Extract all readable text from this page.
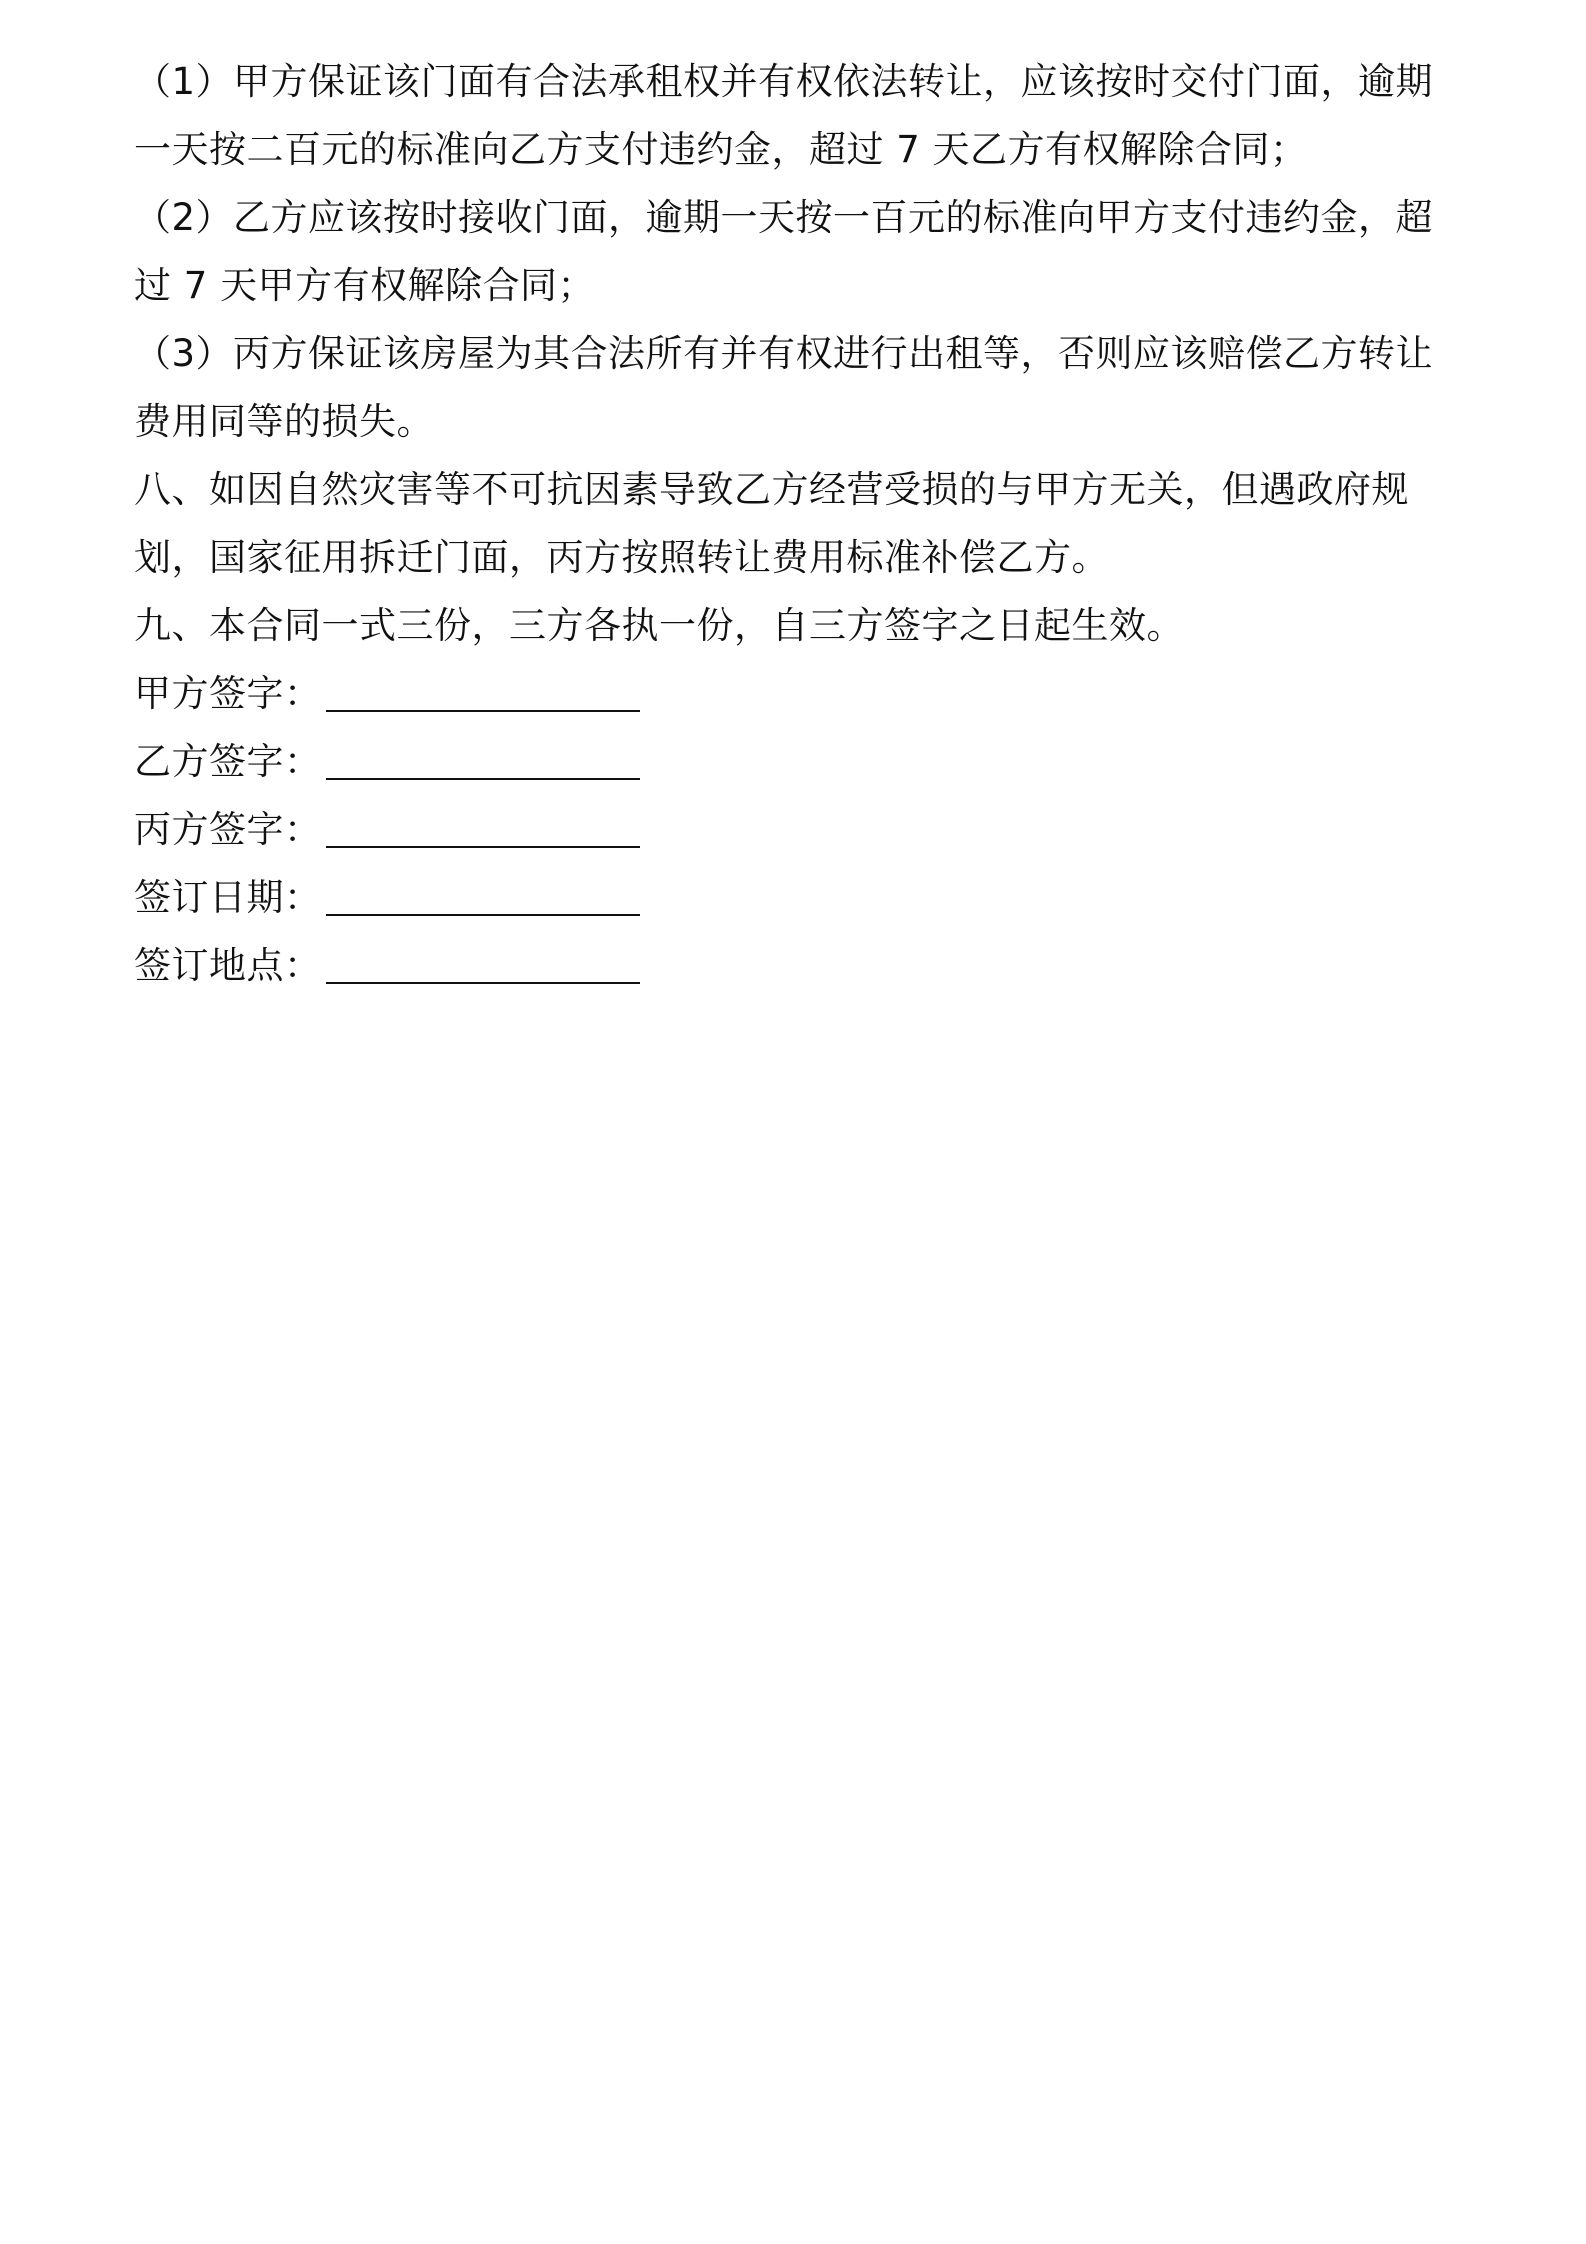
（1）甲方保证该门面有合法承租权并有权依法转让，应该按时交付门面，逾期一天按二百元的标准向乙方支付违约金，超过 7 天乙方有权解除合同；

（2）乙方应该按时接收门面，逾期一天按一百元的标准向甲方支付违约金，超过 7 天甲方有权解除合同；

（3）丙方保证该房屋为其合法所有并有权进行出租等，否则应该赔偿乙方转让费用同等的损失。

八、如因自然灾害等不可抗因素导致乙方经营受损的与甲方无关，但遇政府规划，国家征用拆迁门面，丙方按照转让费用标准补偿乙方。

九、本合同一式三份，三方各执一份，自三方签字之日起生效。

甲方签字：
乙方签字：
丙方签字：
签订日期：
签订地点：
